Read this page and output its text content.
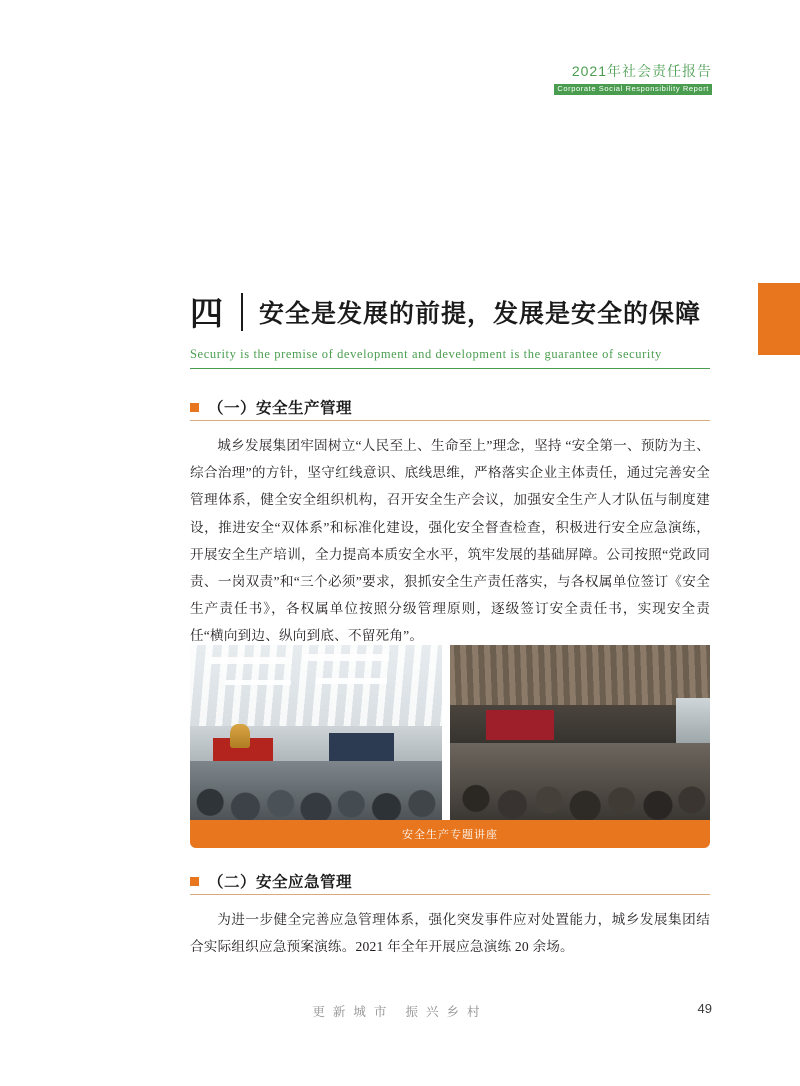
2021年社会责任报告
Corporate Social Responsibility Report
四	安全是发展的前提，发展是安全的保障
Security is the premise of development and development is the guarantee of security
（一）安全生产管理
城乡发展集团牢固树立“人民至上、生命至上”理念，坚持 “安全第一、预防为主、综合治理”的方针，坚守红线意识、底线思维，严格落实企业主体责任，通过完善安全管理体系，健全安全组织机构，召开安全生产会议，加强安全生产人才队伍与制度建设，推进安全“双体系”和标准化建设，强化安全督查检查，积极进行安全应急演练，开展安全生产培训，全力提高本质安全水平，筑牢发展的基础屏障。公司按照“党政同责、一岗双责”和“三个必须”要求，狠抓安全生产责任落实，与各权属单位签订《安全生产责任书》，各权属单位按照分级管理原则，逐级签订安全责任书，实现安全责任“横向到边、纵向到底、不留死角”。
安全生产专题讲座
（二）安全应急管理
为进一步健全完善应急管理体系，强化突发事件应对处置能力，城乡发展集团结合实际组织应急预案演练。2021 年全年开展应急演练 20 余场。
更新城市 振兴乡村	49
